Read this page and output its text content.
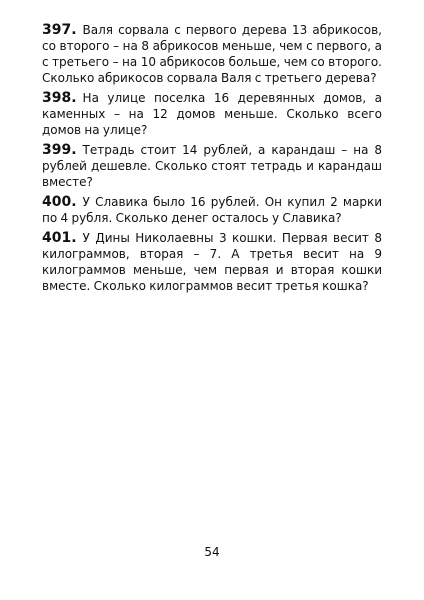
397. Валя сорвала с первого дерева 13 абрикосов, со второго – на 8 абрикосов меньше, чем с первого, а с третьего – на 10 абрикосов больше, чем со второго. Сколько абрикосов сорвала Валя с третьего дерева?
398. На улице поселка 16 деревянных домов, а каменных – на 12 домов меньше. Сколько всего домов на улице?
399. Тетрадь стоит 14 рублей, а карандаш – на 8 рублей дешевле. Сколько стоят тетрадь и карандаш вместе?
400. У Славика было 16 рублей. Он купил 2 марки по 4 рубля. Сколько денег осталось у Славика?
401. У Дины Николаевны 3 кошки. Первая весит 8 килограммов, вторая – 7. А третья весит на 9 килограммов меньше, чем первая и вторая кошки вместе. Сколько килограммов весит третья кошка?
54
